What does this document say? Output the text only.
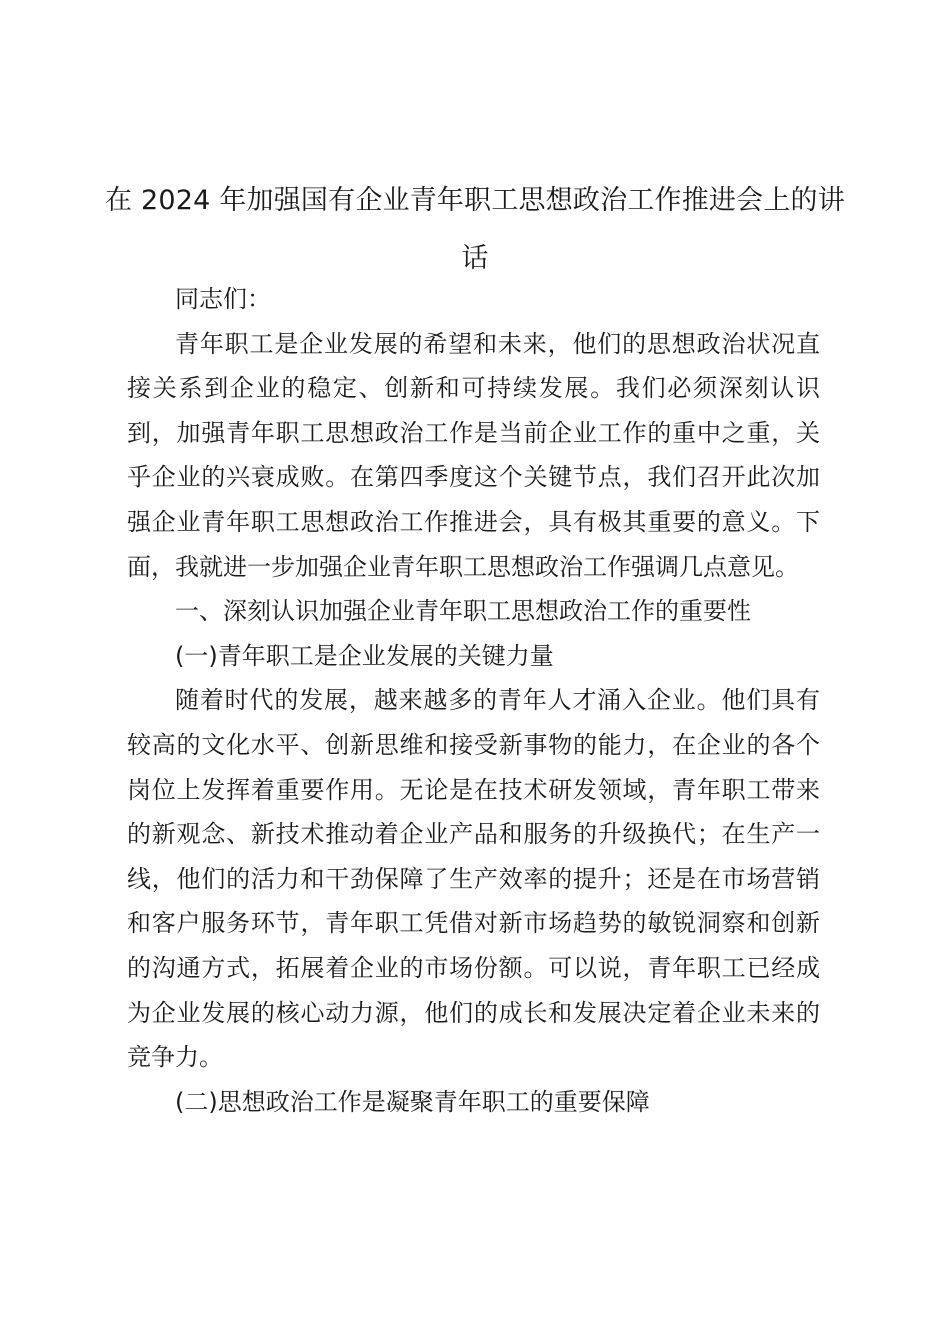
在 2024 年加强国有企业青年职工思想政治工作推进会上的讲话

同志们：

青年职工是企业发展的希望和未来，他们的思想政治状况直接关系到企业的稳定、创新和可持续发展。我们必须深刻认识到，加强青年职工思想政治工作是当前企业工作的重中之重，关乎企业的兴衰成败。在第四季度这个关键节点，我们召开此次加强企业青年职工思想政治工作推进会，具有极其重要的意义。下面，我就进一步加强企业青年职工思想政治工作强调几点意见。

一、深刻认识加强企业青年职工思想政治工作的重要性

(一)青年职工是企业发展的关键力量

随着时代的发展，越来越多的青年人才涌入企业。他们具有较高的文化水平、创新思维和接受新事物的能力，在企业的各个岗位上发挥着重要作用。无论是在技术研发领域，青年职工带来的新观念、新技术推动着企业产品和服务的升级换代；在生产一线，他们的活力和干劲保障了生产效率的提升；还是在市场营销和客户服务环节，青年职工凭借对新市场趋势的敏锐洞察和创新的沟通方式，拓展着企业的市场份额。可以说，青年职工已经成为企业发展的核心动力源，他们的成长和发展决定着企业未来的竞争力。

(二)思想政治工作是凝聚青年职工的重要保障
